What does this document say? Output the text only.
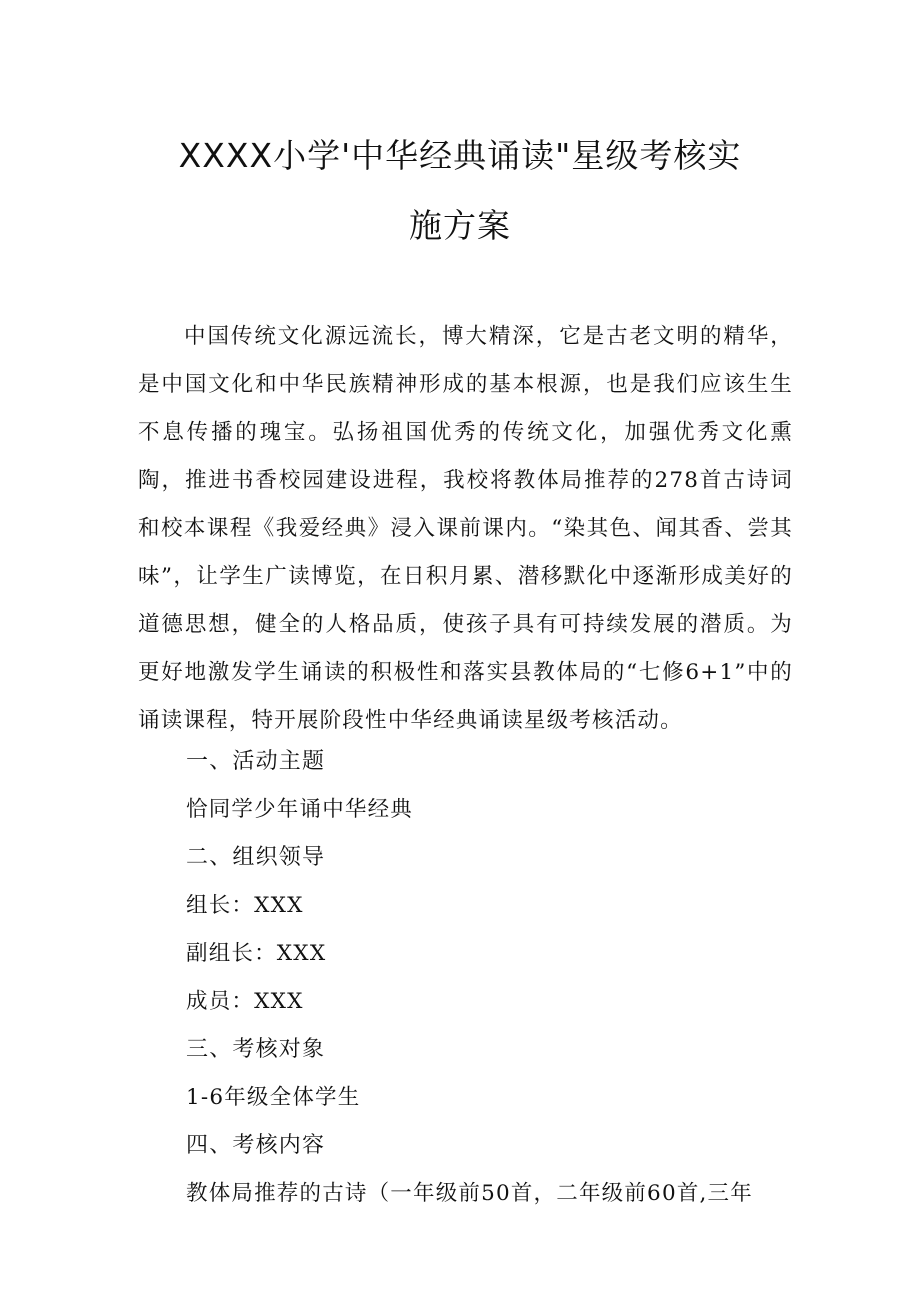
XXXX小学'中华经典诵读"星级考核实
施方案

中国传统文化源远流长，博大精深，它是古老文明的精华，是中国文化和中华民族精神形成的基本根源，也是我们应该生生不息传播的瑰宝。弘扬祖国优秀的传统文化，加强优秀文化熏陶，推进书香校园建设进程，我校将教体局推荐的278首古诗词和校本课程《我爱经典》浸入课前课内。“染其色、闻其香、尝其味”，让学生广读博览，在日积月累、潜移默化中逐渐形成美好的道德思想，健全的人格品质，使孩子具有可持续发展的潜质。为更好地激发学生诵读的积极性和落实县教体局的“七修6+1”中的诵读课程，特开展阶段性中华经典诵读星级考核活动。

一、活动主题

恰同学少年诵中华经典

二、组织领导

组长：XXX

副组长：XXX

成员：XXX

三、考核对象

1-6年级全体学生

四、考核内容

教体局推荐的古诗（一年级前50首，二年级前60首,三年
